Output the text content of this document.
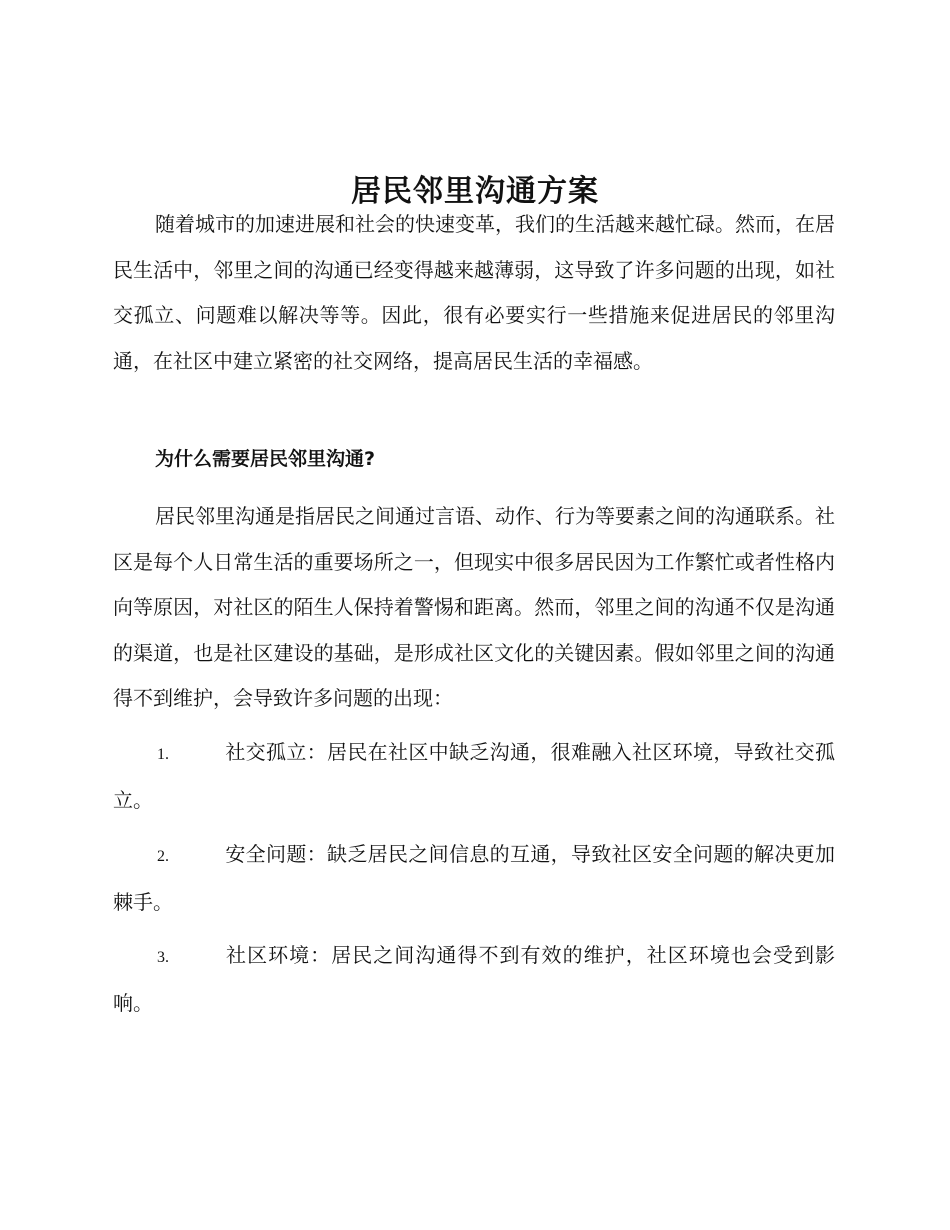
居民邻里沟通方案

随着城市的加速进展和社会的快速变革，我们的生活越来越忙碌。然而，在居民生活中，邻里之间的沟通已经变得越来越薄弱，这导致了许多问题的出现，如社交孤立、问题难以解决等等。因此，很有必要实行一些措施来促进居民的邻里沟通，在社区中建立紧密的社交网络，提高居民生活的幸福感。

为什么需要居民邻里沟通?

居民邻里沟通是指居民之间通过言语、动作、行为等要素之间的沟通联系。社区是每个人日常生活的重要场所之一，但现实中很多居民因为工作繁忙或者性格内向等原因，对社区的陌生人保持着警惕和距离。然而，邻里之间的沟通不仅是沟通的渠道，也是社区建设的基础，是形成社区文化的关键因素。假如邻里之间的沟通得不到维护，会导致许多问题的出现：

1.	社交孤立：居民在社区中缺乏沟通，很难融入社区环境，导致社交孤立。

2.	安全问题：缺乏居民之间信息的互通，导致社区安全问题的解决更加棘手。

3.	社区环境：居民之间沟通得不到有效的维护，社区环境也会受到影响。
